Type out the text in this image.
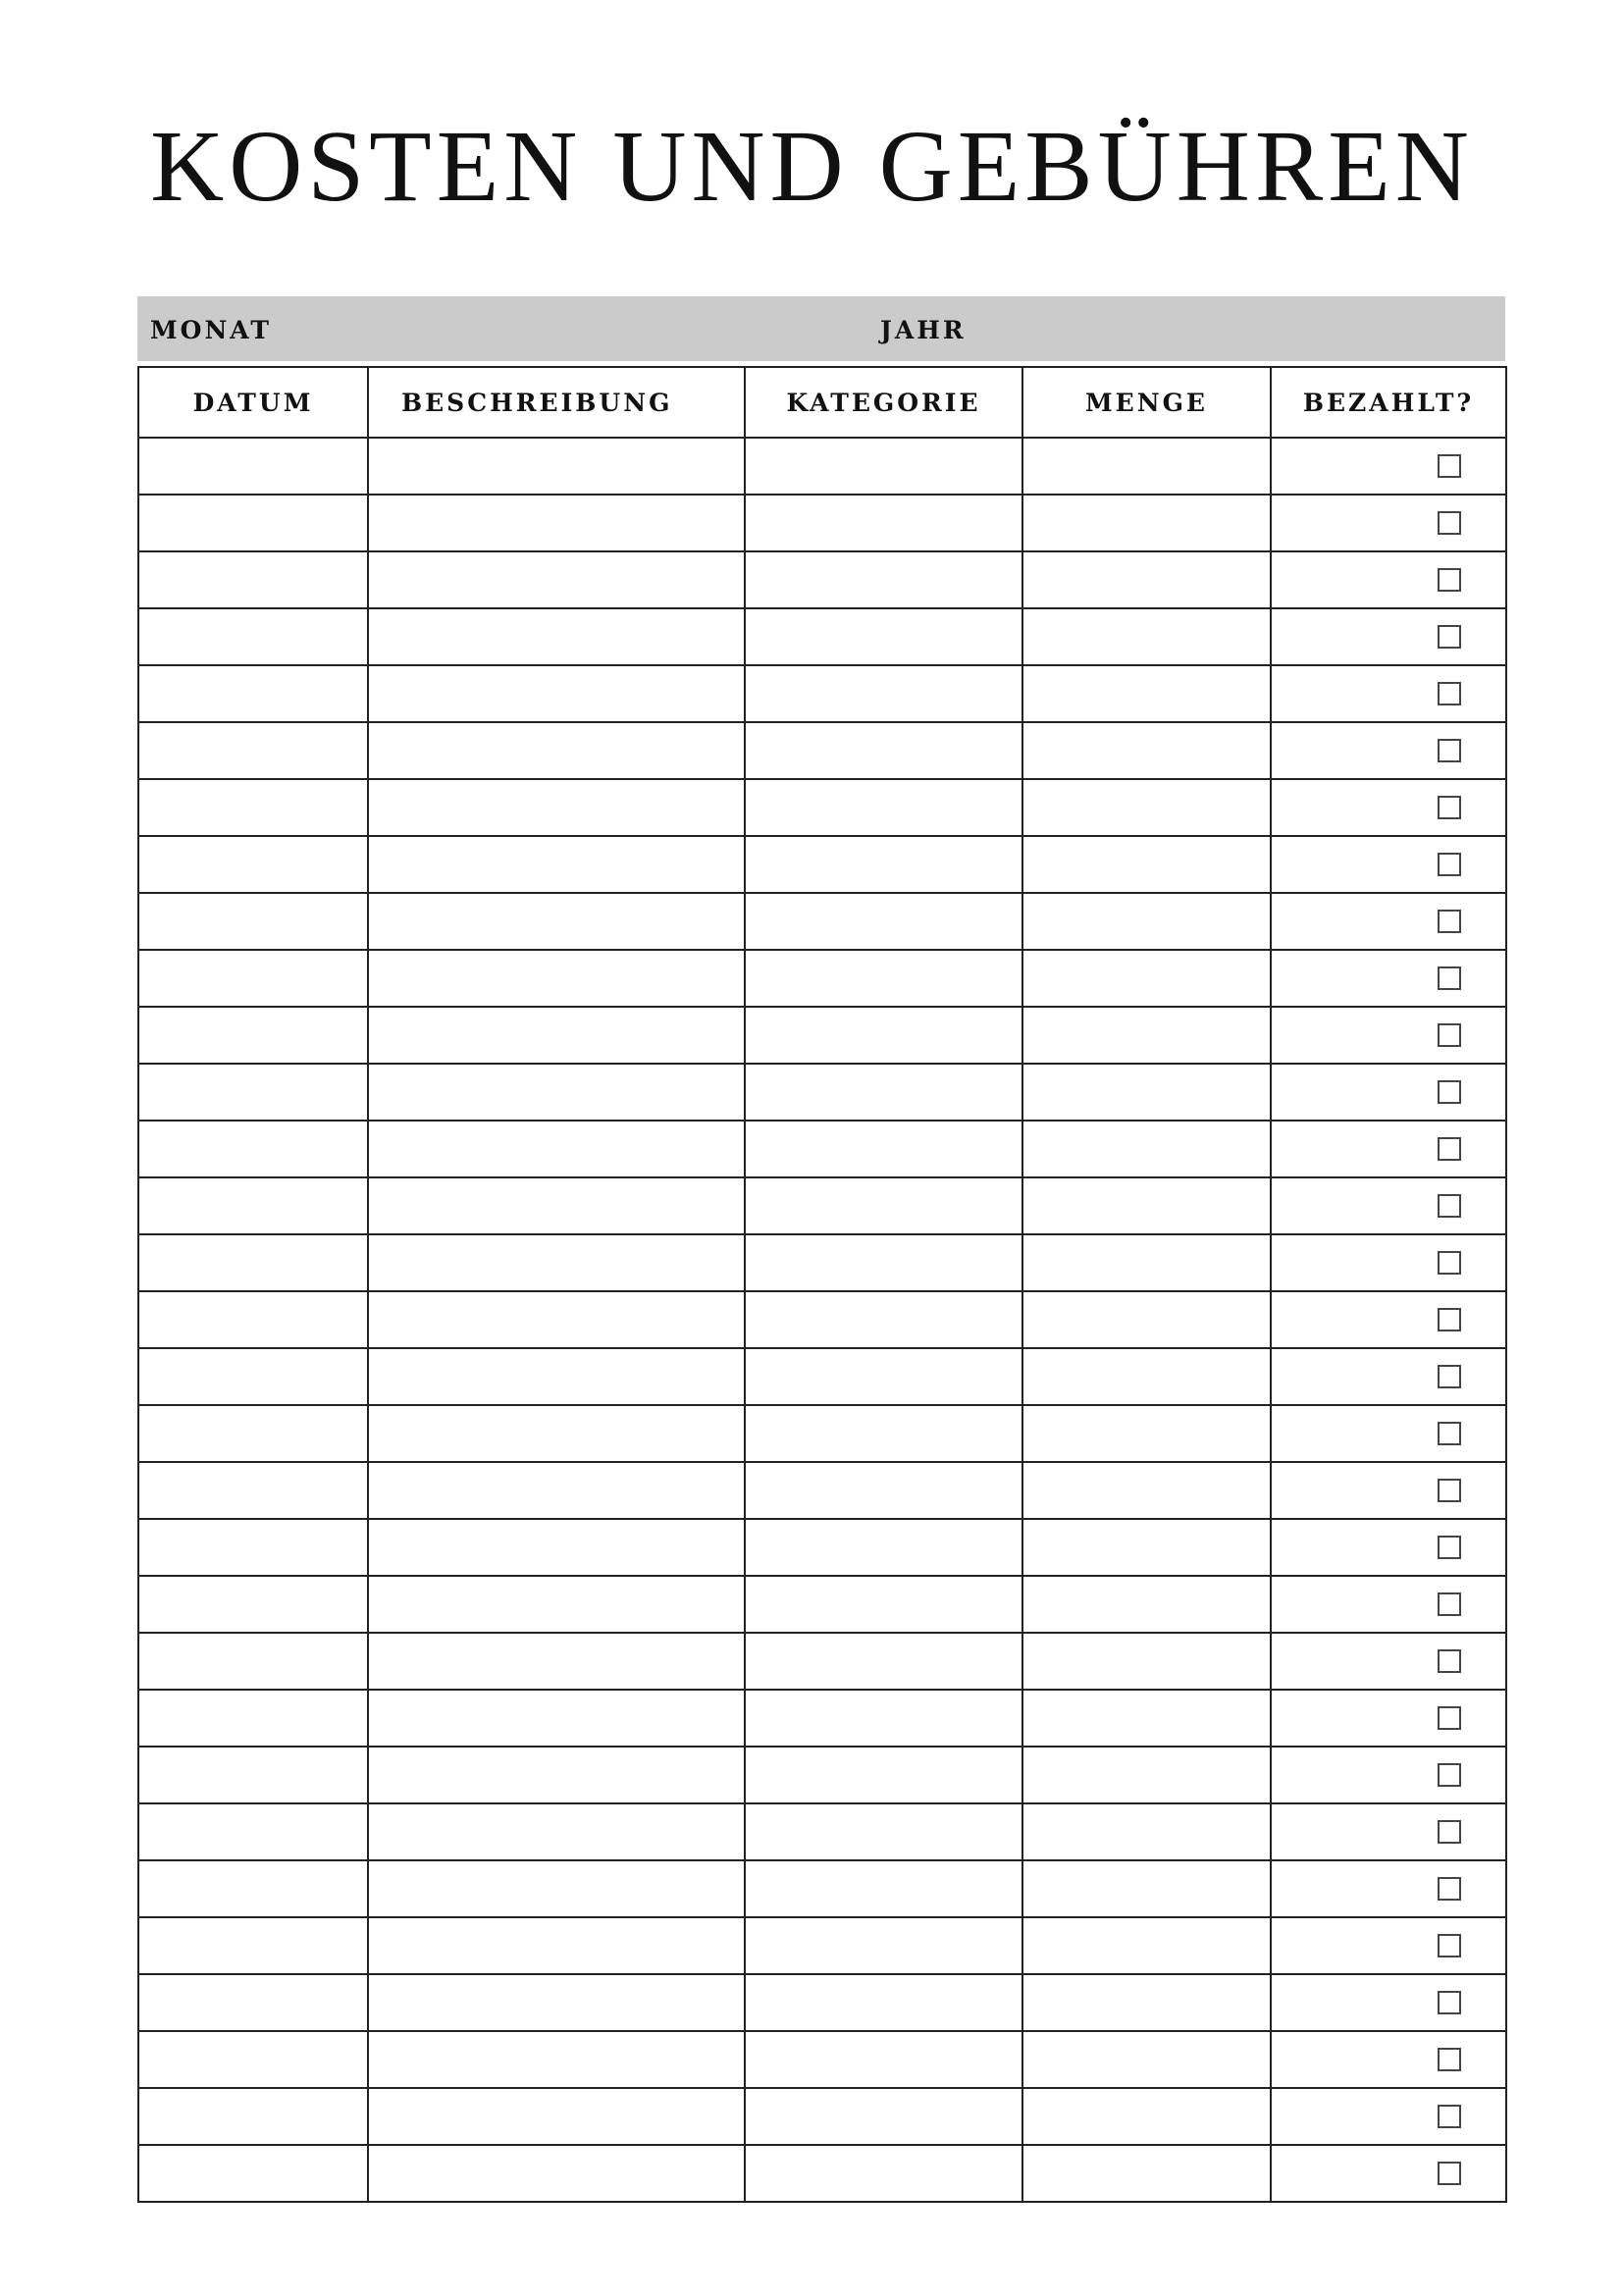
KOSTEN UND GEBÜHREN
MONAT	JAHR
DATUM	BESCHREIBUNG	KATEGORIE	MENGE	BEZAHLT?
